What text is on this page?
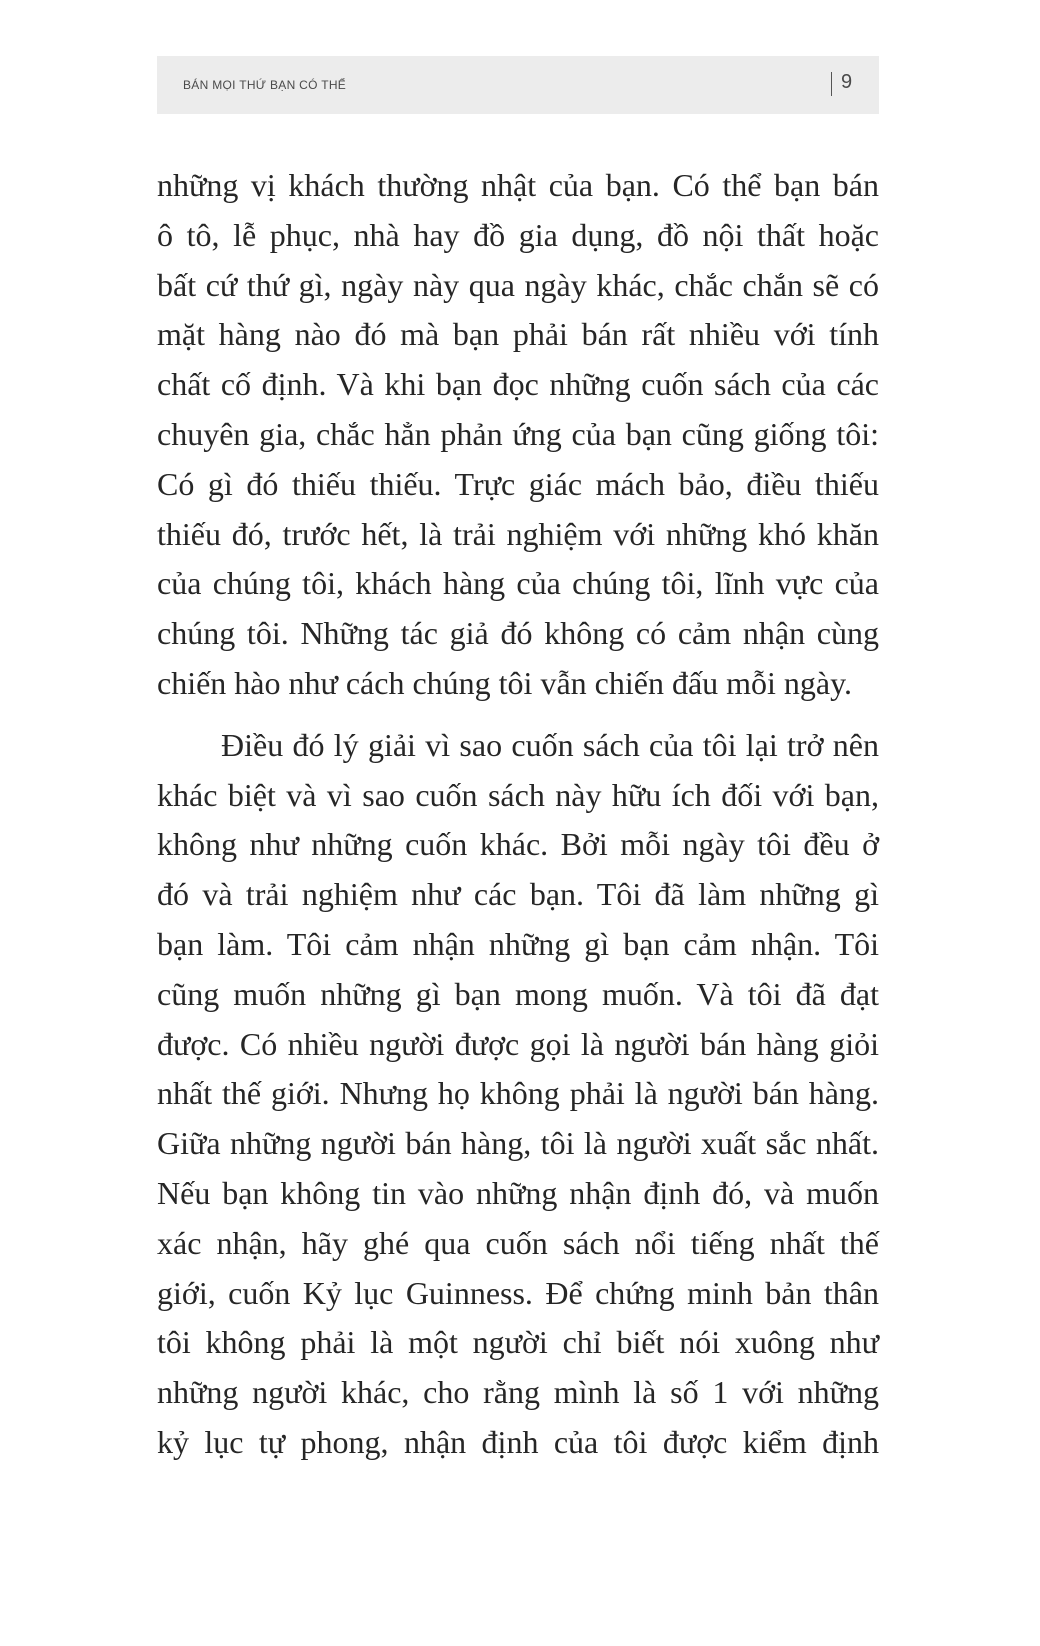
BÁN MỌI THỨ BẠN CÓ THỂ	9

những vị khách thường nhật của bạn. Có thể bạn bán
ô tô, lễ phục, nhà hay đồ gia dụng, đồ nội thất hoặc
bất cứ thứ gì, ngày này qua ngày khác, chắc chắn sẽ có
mặt hàng nào đó mà bạn phải bán rất nhiều với tính
chất cố định. Và khi bạn đọc những cuốn sách của các
chuyên gia, chắc hẳn phản ứng của bạn cũng giống tôi:
Có gì đó thiếu thiếu. Trực giác mách bảo, điều thiếu
thiếu đó, trước hết, là trải nghiệm với những khó khăn
của chúng tôi, khách hàng của chúng tôi, lĩnh vực của
chúng tôi. Những tác giả đó không có cảm nhận cùng
chiến hào như cách chúng tôi vẫn chiến đấu mỗi ngày.

Điều đó lý giải vì sao cuốn sách của tôi lại trở nên
khác biệt và vì sao cuốn sách này hữu ích đối với bạn,
không như những cuốn khác. Bởi mỗi ngày tôi đều ở
đó và trải nghiệm như các bạn. Tôi đã làm những gì
bạn làm. Tôi cảm nhận những gì bạn cảm nhận. Tôi
cũng muốn những gì bạn mong muốn. Và tôi đã đạt
được. Có nhiều người được gọi là người bán hàng giỏi
nhất thế giới. Nhưng họ không phải là người bán hàng.
Giữa những người bán hàng, tôi là người xuất sắc nhất.
Nếu bạn không tin vào những nhận định đó, và muốn
xác nhận, hãy ghé qua cuốn sách nổi tiếng nhất thế
giới, cuốn Kỷ lục Guinness. Để chứng minh bản thân
tôi không phải là một người chỉ biết nói xuông như
những người khác, cho rằng mình là số 1 với những
kỷ lục tự phong, nhận định của tôi được kiểm định
